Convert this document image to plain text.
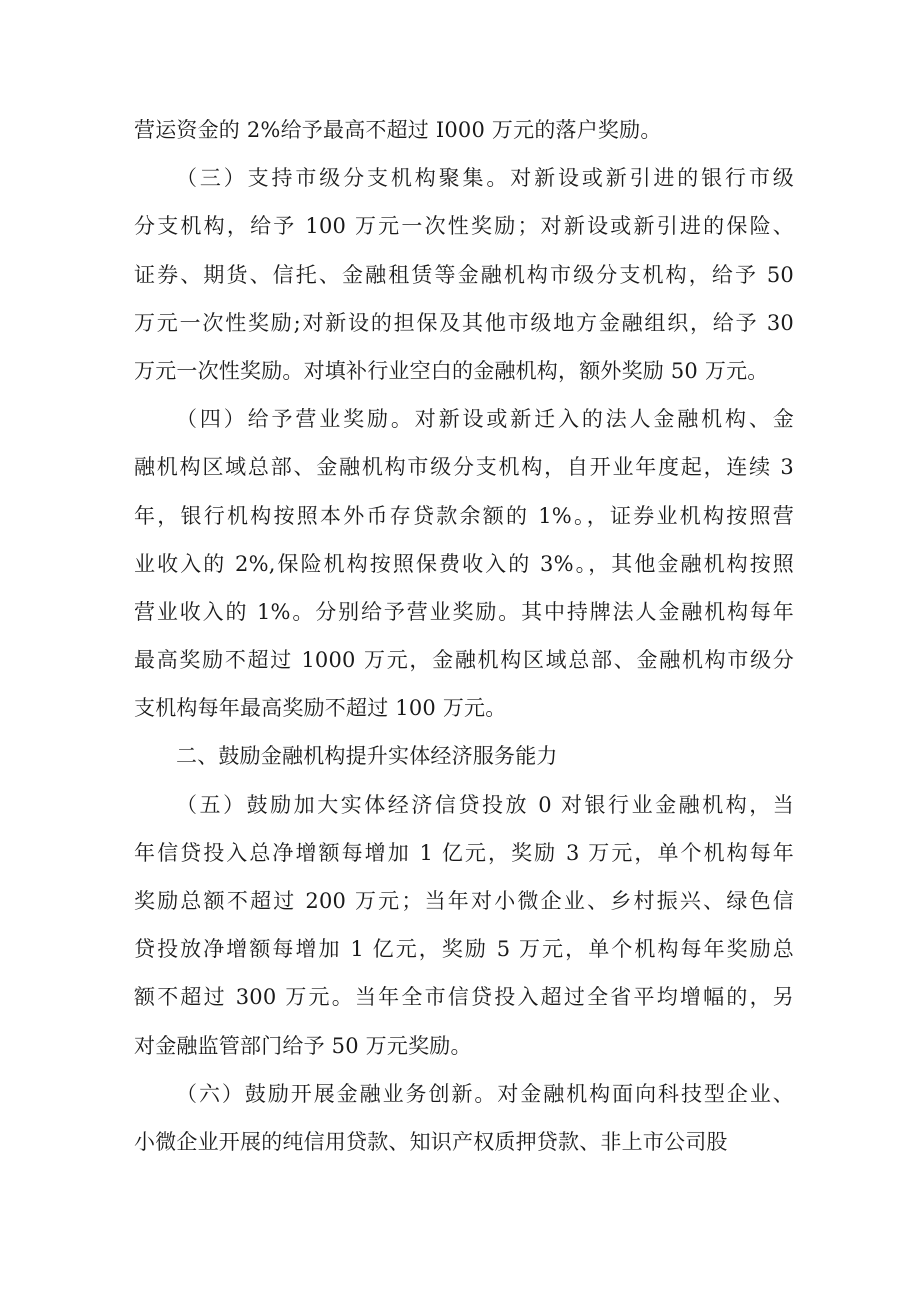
营运资金的 2%给予最高不超过 I000 万元的落户奖励。
（三）支持市级分支机构聚集。对新设或新引进的银行市级
分支机构，给予 100 万元一次性奖励；对新设或新引进的保险、
证券、期货、信托、金融租赁等金融机构市级分支机构，给予 50
万元一次性奖励;对新设的担保及其他市级地方金融组织，给予 30
万元一次性奖励。对填补行业空白的金融机构，额外奖励 50 万元。
（四）给予营业奖励。对新设或新迁入的法人金融机构、金
融机构区域总部、金融机构市级分支机构，自开业年度起，连续 3
年，银行机构按照本外币存贷款余额的 1%。，证券业机构按照营
业收入的 2%,保险机构按照保费收入的 3%。，其他金融机构按照
营业收入的 1%。分别给予营业奖励。其中持牌法人金融机构每年
最高奖励不超过 1000 万元，金融机构区域总部、金融机构市级分
支机构每年最高奖励不超过 100 万元。
二、鼓励金融机构提升实体经济服务能力
（五）鼓励加大实体经济信贷投放 0 对银行业金融机构，当
年信贷投入总净增额每增加 1 亿元，奖励 3 万元，单个机构每年
奖励总额不超过 200 万元；当年对小微企业、乡村振兴、绿色信
贷投放净增额每增加 1 亿元，奖励 5 万元，单个机构每年奖励总
额不超过 300 万元。当年全市信贷投入超过全省平均增幅的，另
对金融监管部门给予 50 万元奖励。
（六）鼓励开展金融业务创新。对金融机构面向科技型企业、
小微企业开展的纯信用贷款、知识产权质押贷款、非上市公司股
